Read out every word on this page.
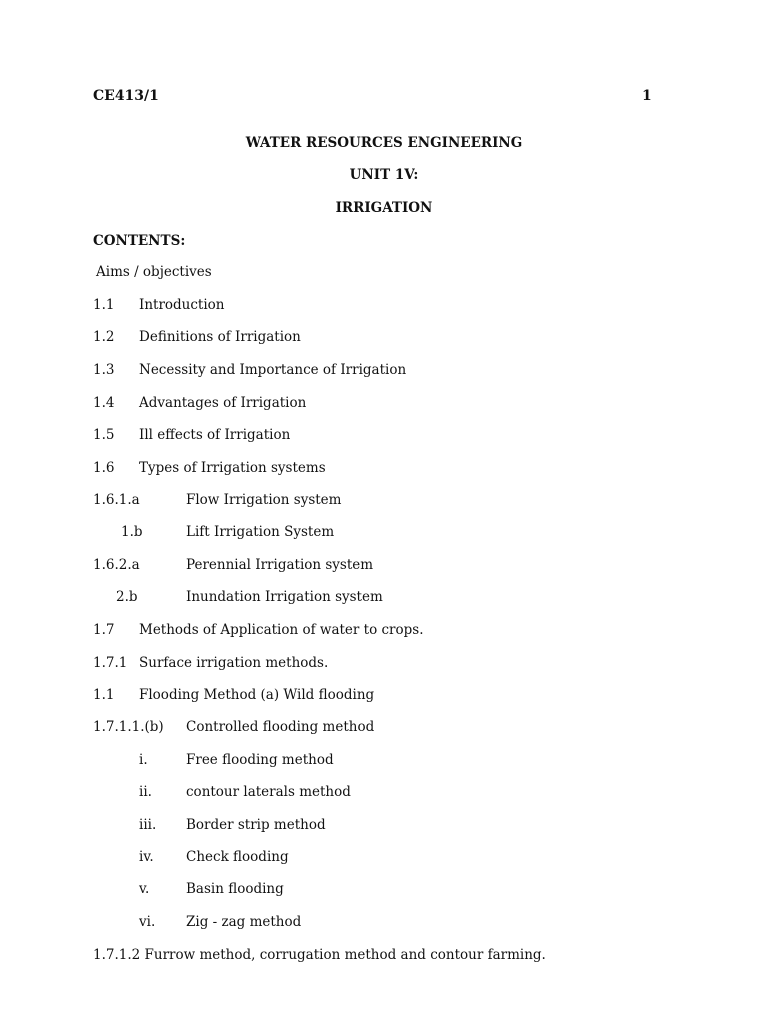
CE413/1	1
WATER RESOURCES ENGINEERING
UNIT 1V:
IRRIGATION
CONTENTS:
Aims / objectives
1.1 Introduction
1.2 Definitions of Irrigation
1.3 Necessity and Importance of Irrigation
1.4 Advantages of Irrigation
1.5 Ill effects of Irrigation
1.6 Types of Irrigation systems
1.6.1.a	Flow Irrigation system
1.b	Lift Irrigation System
1.6.2.a	Perennial Irrigation system
2.b	Inundation Irrigation system
1.7 Methods of Application of water to crops.
1.7.1 Surface irrigation methods.
1.1 Flooding Method (a) Wild flooding
1.7.1.1.(b) Controlled flooding method
i.	Free flooding method
ii.	contour laterals method
iii. Border strip method
iv. Check flooding
v.	Basin flooding
vi. Zig - zag method
1.7.1.2 Furrow method, corrugation method and contour farming.
